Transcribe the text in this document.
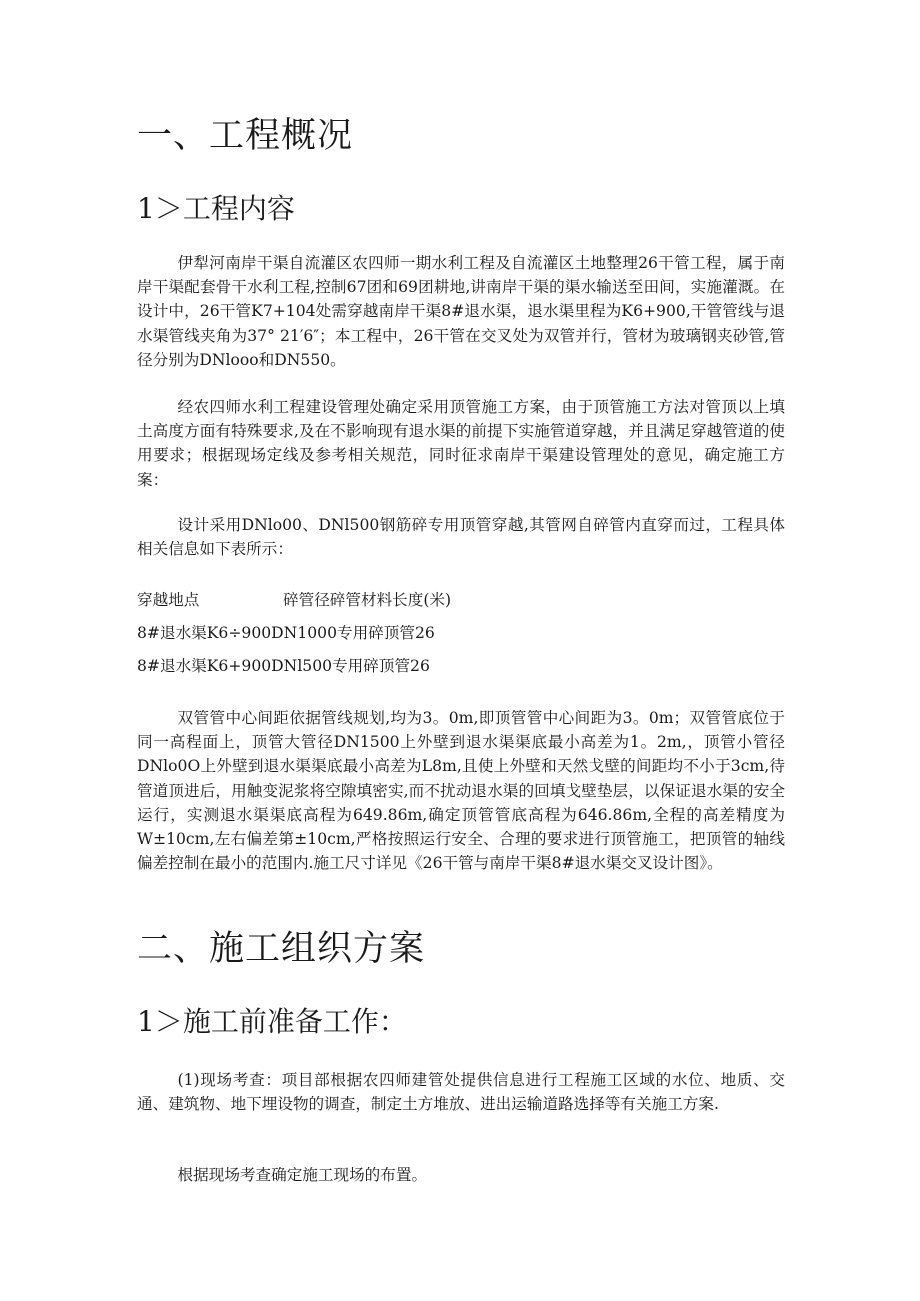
一、工程概况
1＞工程内容

伊犁河南岸干渠自流灌区农四师一期水利工程及自流灌区土地整理26干管工程，属于南岸干渠配套骨干水利工程,控制67团和69团耕地,讲南岸干渠的渠水输送至田间，实施灌溉。在设计中，26干管K7+104处需穿越南岸干渠8#退水渠，退水渠里程为K6+900,干管管线与退水渠管线夹角为37° 21′6″；本工程中，26干管在交叉处为双管并行，管材为玻璃钢夹砂管,管径分别为DNlooo和DN550。

经农四师水利工程建设管理处确定采用顶管施工方案，由于顶管施工方法对管顶以上填土高度方面有特殊要求,及在不影响现有退水渠的前提下实施管道穿越，并且满足穿越管道的使用要求；根据现场定线及参考相关规范，同时征求南岸干渠建设管理处的意见，确定施工方案：

设计采用DNlo00、DNl500钢筋碎专用顶管穿越,其管网自碎管内直穿而过，工程具体相关信息如下表所示：

穿越地点	碎管径碎管材料长度(米)
8#退水渠K6÷900DN1000专用碎顶管26
8#退水渠K6+900DNl500专用碎顶管26

双管管中心间距依据管线规划,均为3。0m,即顶管管中心间距为3。0m；双管管底位于同一高程面上，顶管大管径DN1500上外壁到退水渠渠底最小高差为1。2m,，顶管小管径DNlo0O上外壁到退水渠渠底最小高差为L8m,且使上外壁和天然戈壁的间距均不小于3cm,待管道顶进后，用触变泥浆将空隙填密实,而不扰动退水渠的回填戈壁垫层，以保证退水渠的安全运行，实测退水渠渠底高程为649.86m,确定顶管管底高程为646.86m,全程的高差精度为W±10cm,左右偏差第±10cm,严格按照运行安全、合理的要求进行顶管施工，把顶管的轴线偏差控制在最小的范围内.施工尺寸详见《26干管与南岸干渠8#退水渠交叉设计图》。

二、施工组织方案
1＞施工前准备工作：

(1)现场考查：项目部根据农四师建管处提供信息进行工程施工区域的水位、地质、交通、建筑物、地下埋设物的调查，制定土方堆放、进出运输道路选择等有关施工方案.

根据现场考查确定施工现场的布置。
